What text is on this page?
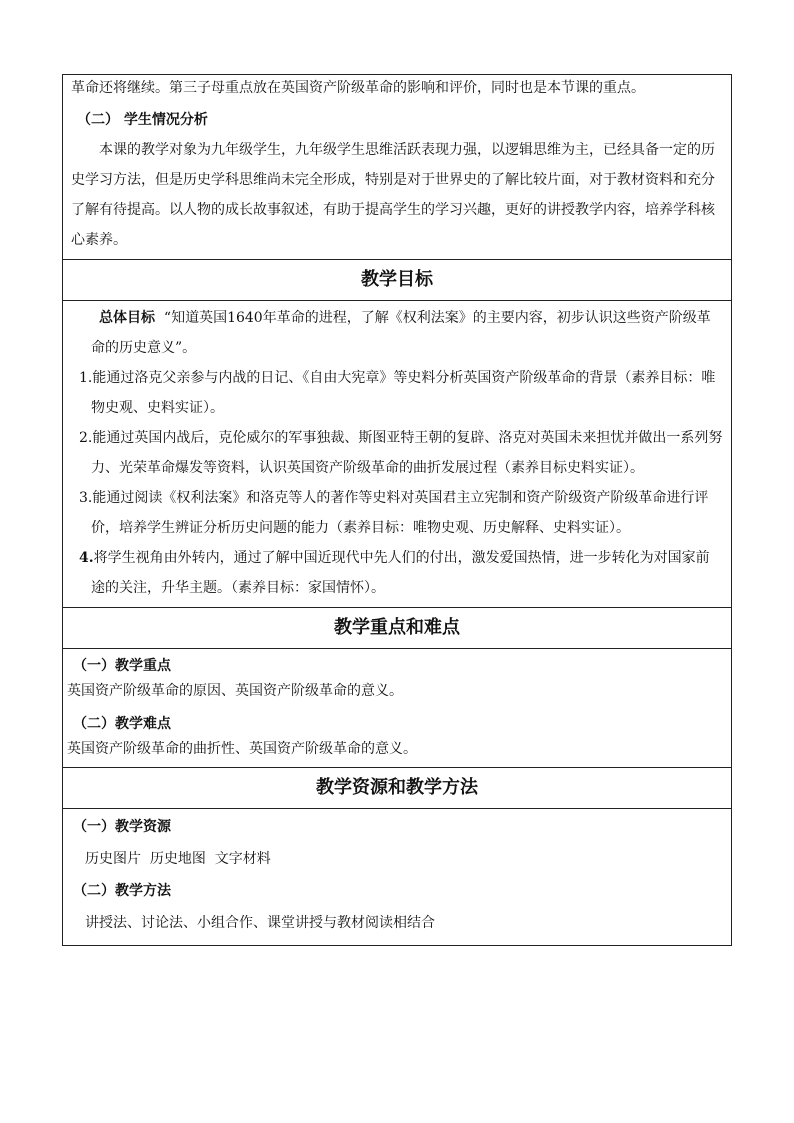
革命还将继续。第三子母重点放在英国资产阶级革命的影响和评价，同时也是本节课的重点。

（二） 学生情况分析

本课的教学对象为九年级学生，九年级学生思维活跃表现力强，以逻辑思维为主，已经具备一定的历史学习方法，但是历史学科思维尚未完全形成，特别是对于世界史的了解比较片面，对于教材资料和充分了解有待提高。以人物的成长故事叙述，有助于提高学生的学习兴趣，更好的讲授教学内容，培养学科核心素养。

教学目标

总体目标 “知道英国1640年革命的进程，了解《权利法案》的主要内容，初步认识这些资产阶级革命的历史意义”。

1.能通过洛克父亲参与内战的日记、《自由大宪章》等史料分析英国资产阶级革命的背景（素养目标：唯物史观、史料实证）。

2.能通过英国内战后，克伦威尔的军事独裁、斯图亚特王朝的复辟、洛克对英国未来担忧并做出一系列努力、光荣革命爆发等资料，认识英国资产阶级革命的曲折发展过程（素养目标史料实证）。

3.能通过阅读《权利法案》和洛克等人的著作等史料对英国君主立宪制和资产阶级资产阶级革命进行评价，培养学生辨证分析历史问题的能力（素养目标：唯物史观、历史解释、史料实证）。

4.将学生视角由外转内，通过了解中国近现代中先人们的付出，激发爱国热情，进一步转化为对国家前途的关注，升华主题。（素养目标：家国情怀）。

教学重点和难点

（一）教学重点

英国资产阶级革命的原因、英国资产阶级革命的意义。

（二）教学难点

英国资产阶级革命的曲折性、英国资产阶级革命的意义。

教学资源和教学方法

（一）教学资源

历史图片  历史地图  文字材料

（二）教学方法

讲授法、讨论法、小组合作、课堂讲授与教材阅读相结合
